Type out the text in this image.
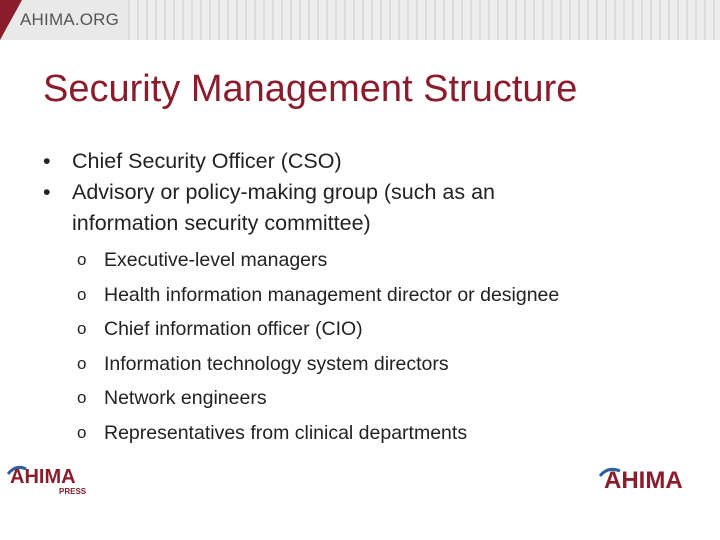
AHIMA.ORG
Security Management Structure
• Chief Security Officer (CSO)
• Advisory or policy-making group (such as an
information security committee)
o Executive-level managers
o Health information management director or designee
o Chief information officer (CIO)
o Information technology system directors
o Network engineers
o Representatives from clinical departments
AHIMA
PRESS	AHIMA
